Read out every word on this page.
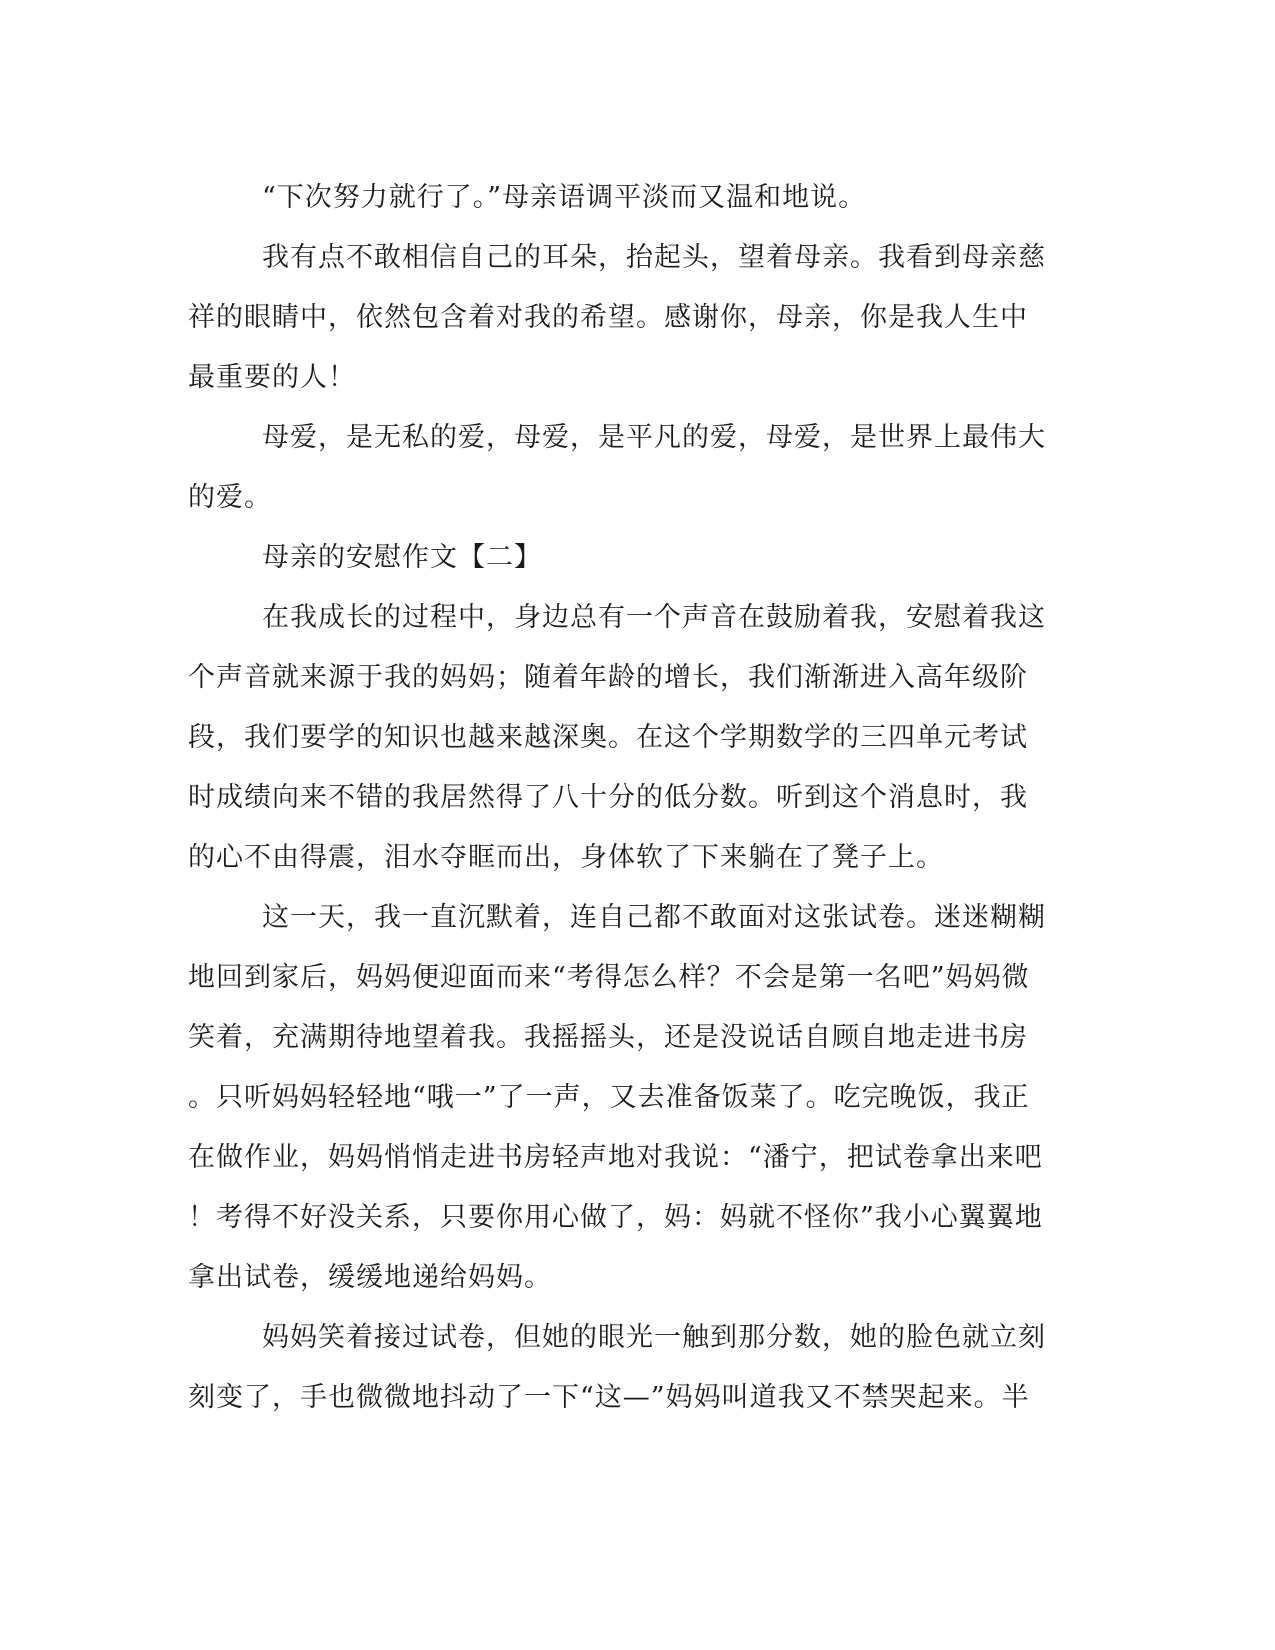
“下次努力就行了。”母亲语调平淡而又温和地说。

我有点不敢相信自己的耳朵，抬起头，望着母亲。我看到母亲慈
祥的眼睛中，依然包含着对我的希望。感谢你，母亲，你是我人生中
最重要的人！

母爱，是无私的爱，母爱，是平凡的爱，母爱，是世界上最伟大
的爱。

母亲的安慰作文【二】

在我成长的过程中，身边总有一个声音在鼓励着我，安慰着我这
个声音就来源于我的妈妈；随着年龄的增长，我们渐渐进入高年级阶
段，我们要学的知识也越来越深奥。在这个学期数学的三四单元考试
时成绩向来不错的我居然得了八十分的低分数。听到这个消息时，我
的心不由得震，泪水夺眶而出，身体软了下来躺在了凳子上。

这一天，我一直沉默着，连自己都不敢面对这张试卷。迷迷糊糊
地回到家后，妈妈便迎面而来“考得怎么样？不会是第一名吧”妈妈微
笑着，充满期待地望着我。我摇摇头，还是没说话自顾自地走进书房
。只听妈妈轻轻地“哦一”了一声，又去准备饭菜了。吃完晚饭，我正
在做作业，妈妈悄悄走进书房轻声地对我说：“潘宁，把试卷拿出来吧
！考得不好没关系，只要你用心做了，妈：妈就不怪你”我小心翼翼地
拿出试卷，缓缓地递给妈妈。

妈妈笑着接过试卷，但她的眼光一触到那分数，她的脸色就立刻
刻变了，手也微微地抖动了一下“这—”妈妈叫道我又不禁哭起来。半
